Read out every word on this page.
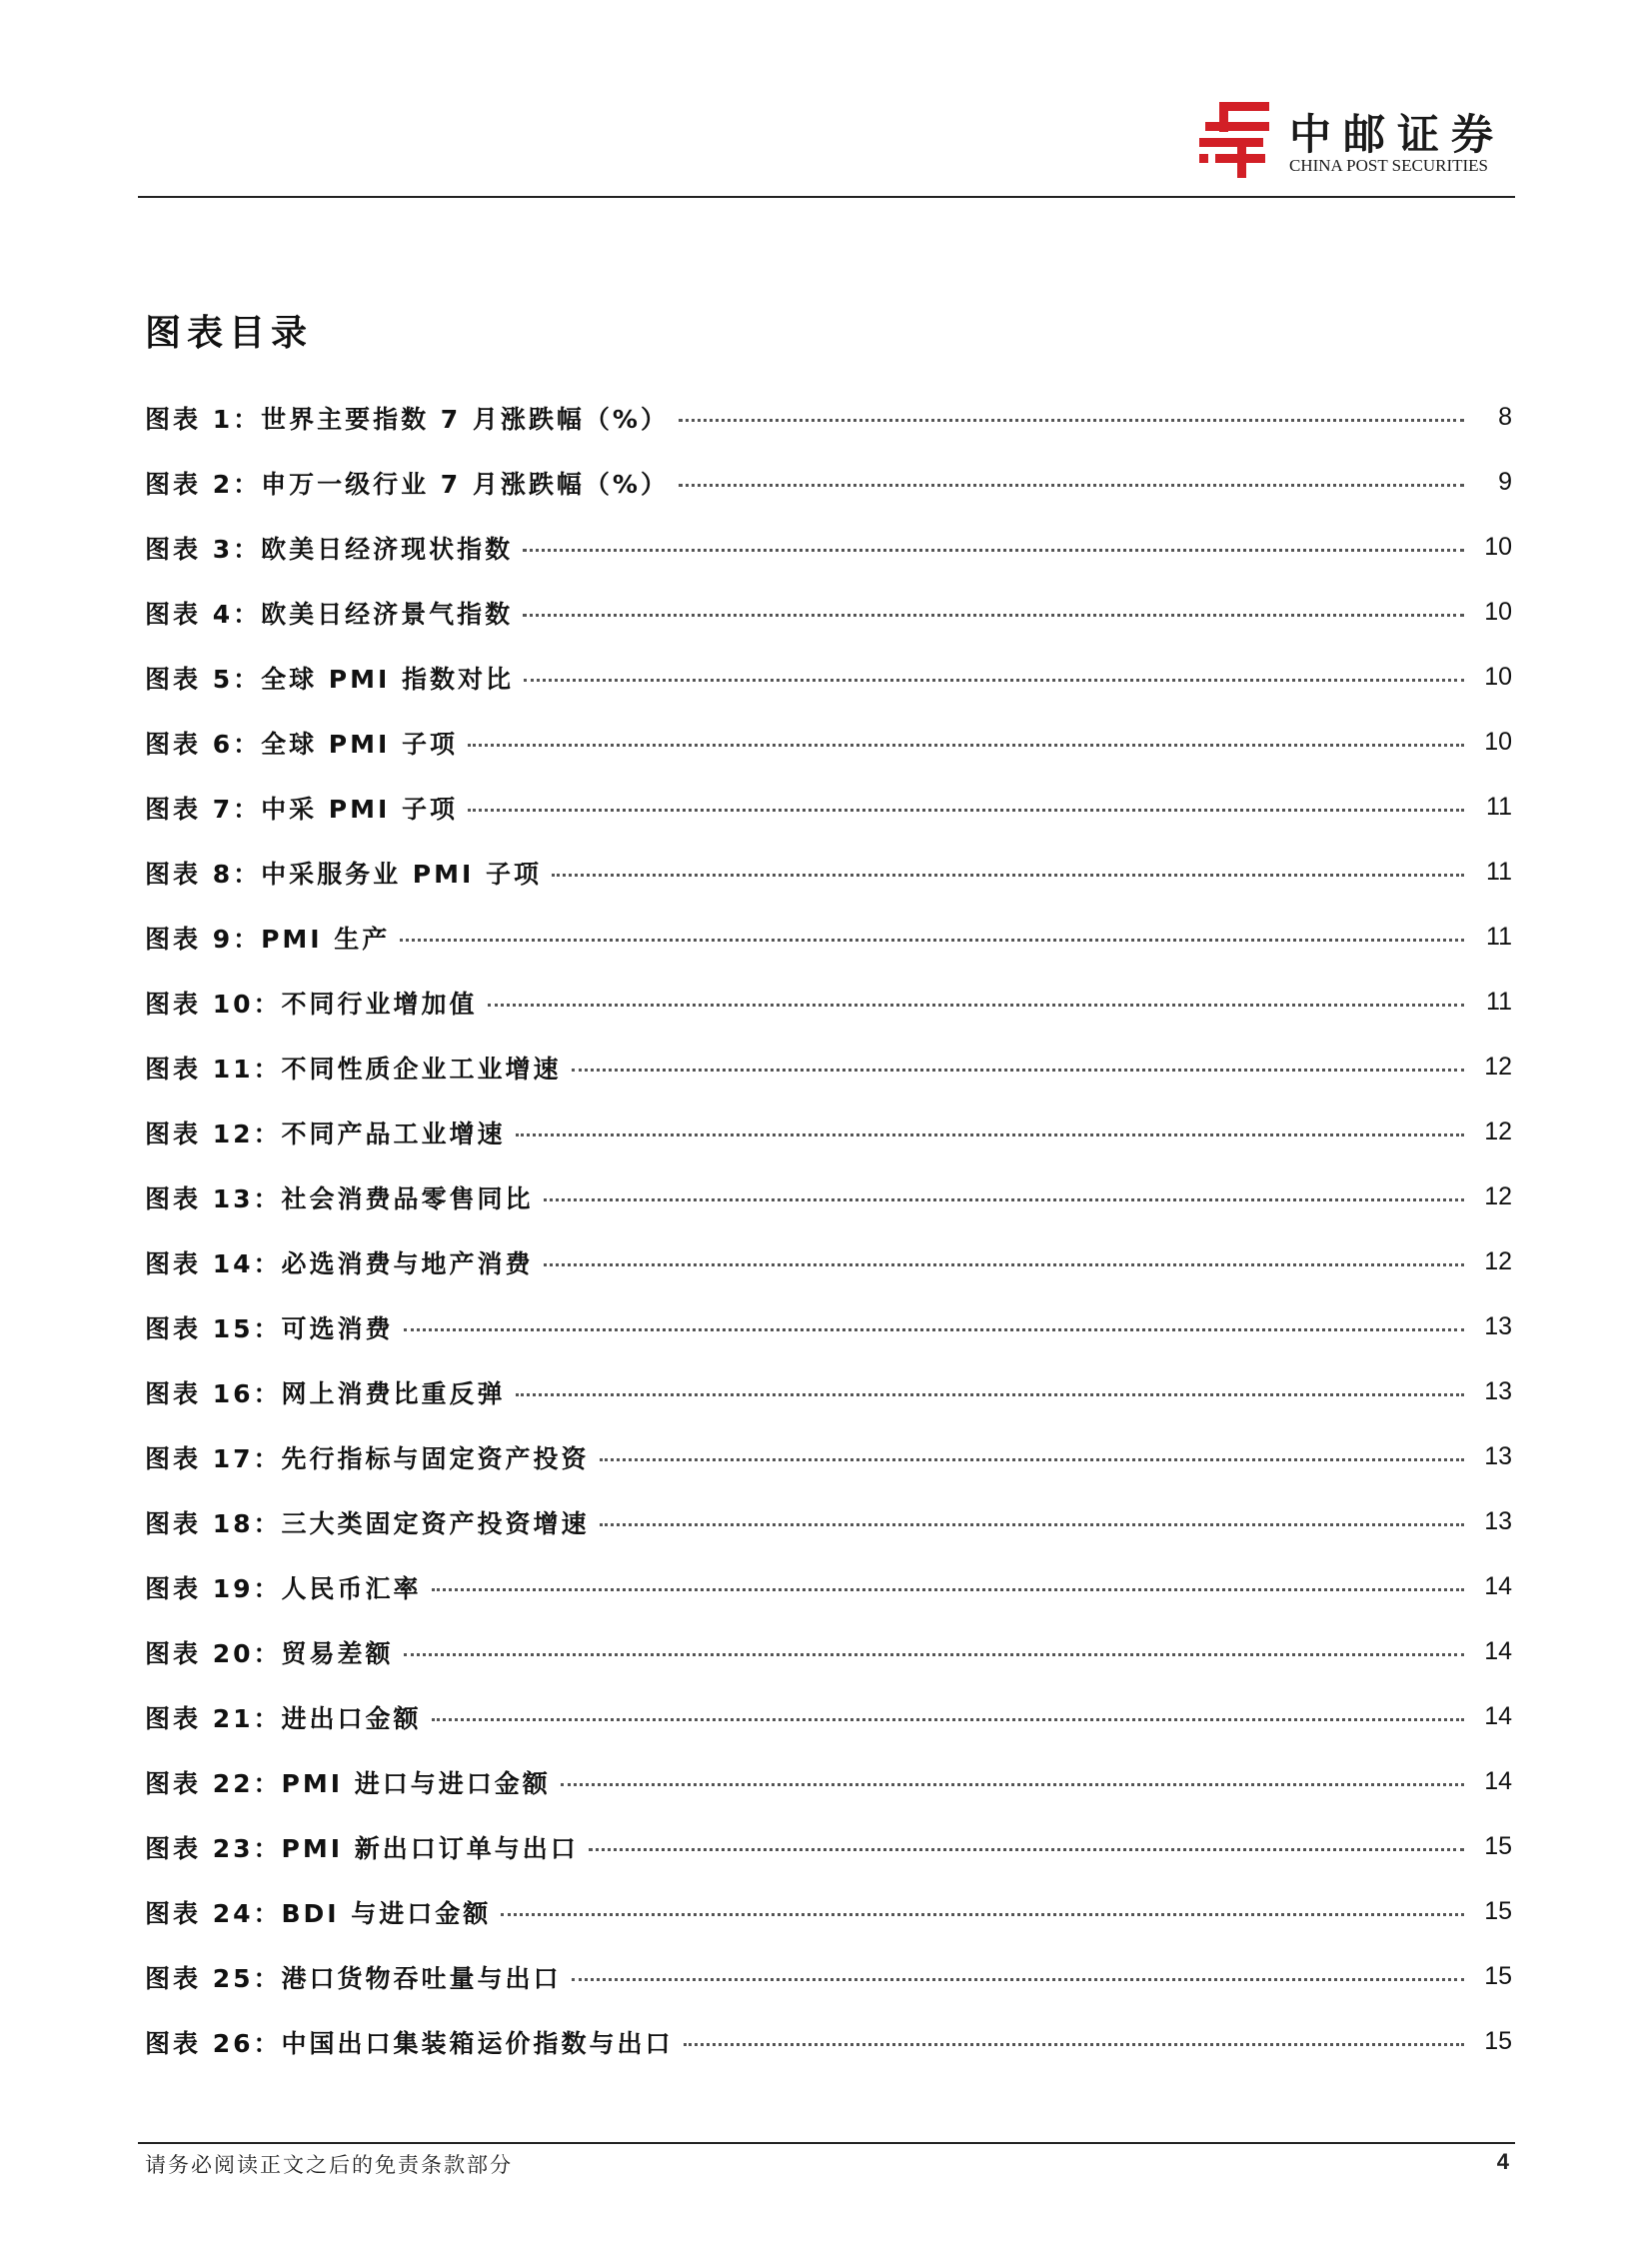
中邮证券
CHINA POST SECURITIES
图表目录
图表 1：世界主要指数 7 月涨跌幅（%）	8
图表 2：申万一级行业 7 月涨跌幅（%）	9
图表 3：欧美日经济现状指数	10
图表 4：欧美日经济景气指数	10
图表 5：全球 PMI 指数对比	10
图表 6：全球 PMI 子项	10
图表 7：中采 PMI 子项	11
图表 8：中采服务业 PMI 子项	11
图表 9：PMI 生产	11
图表 10：不同行业增加值	11
图表 11：不同性质企业工业增速	12
图表 12：不同产品工业增速	12
图表 13：社会消费品零售同比	12
图表 14：必选消费与地产消费	12
图表 15：可选消费	13
图表 16：网上消费比重反弹	13
图表 17：先行指标与固定资产投资	13
图表 18：三大类固定资产投资增速	13
图表 19：人民币汇率	14
图表 20：贸易差额	14
图表 21：进出口金额	14
图表 22：PMI 进口与进口金额	14
图表 23：PMI 新出口订单与出口	15
图表 24：BDI 与进口金额	15
图表 25：港口货物吞吐量与出口	15
图表 26：中国出口集装箱运价指数与出口	15
请务必阅读正文之后的免责条款部分	4
